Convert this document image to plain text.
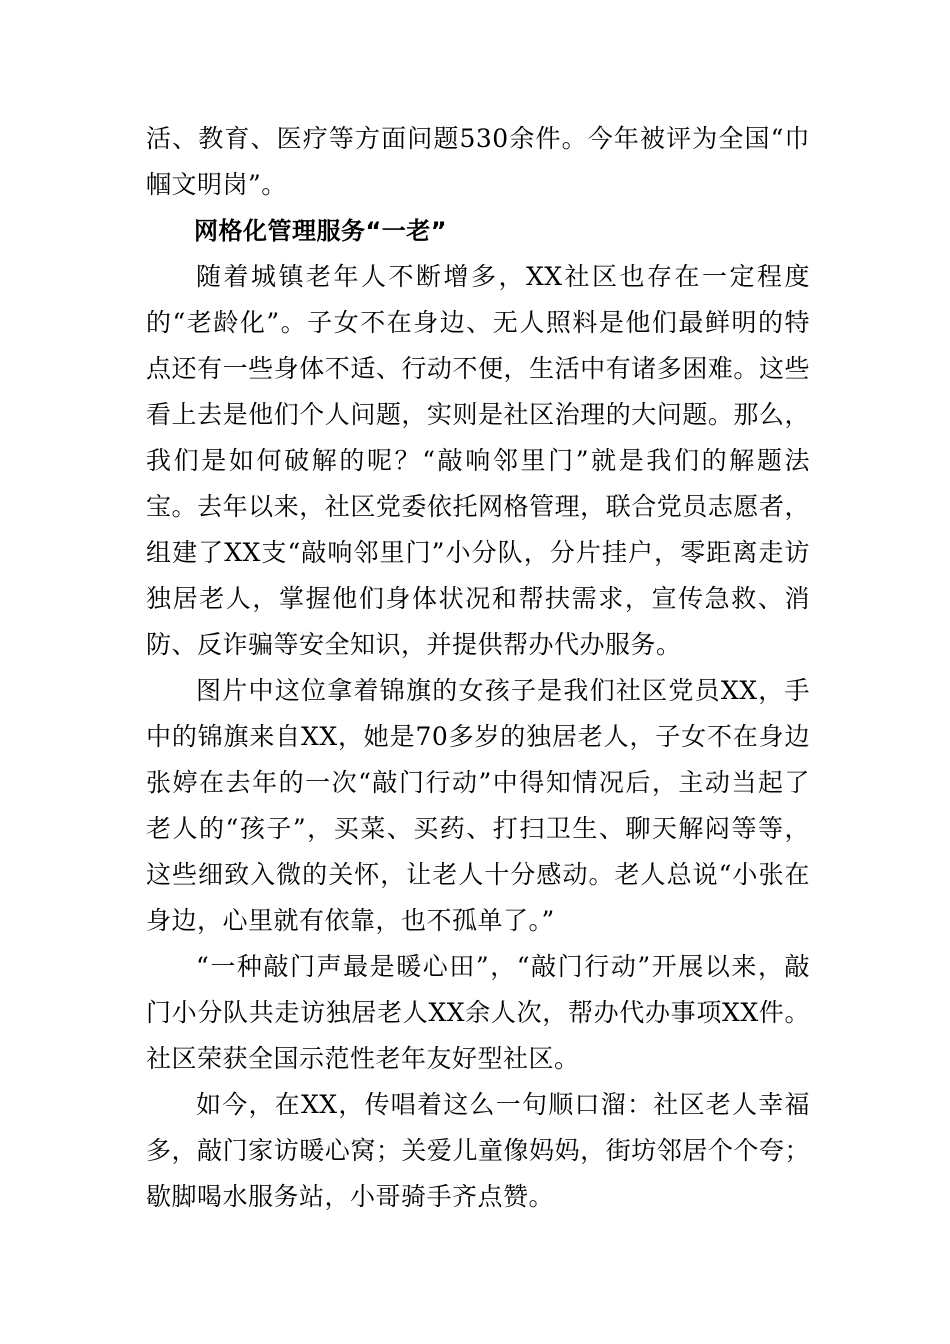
活、教育、医疗等方面问题530余件。今年被评为全国“巾帼文明岗”。

网格化管理服务“一老”

随着城镇老年人不断增多，XX社区也存在一定程度的“老龄化”。子女不在身边、无人照料是他们最鲜明的特点还有一些身体不适、行动不便，生活中有诸多困难。这些看上去是他们个人问题，实则是社区治理的大问题。那么，我们是如何破解的呢？“敲响邻里门”就是我们的解题法宝。去年以来，社区党委依托网格管理，联合党员志愿者，组建了XX支“敲响邻里门”小分队，分片挂户，零距离走访独居老人，掌握他们身体状况和帮扶需求，宣传急救、消防、反诈骗等安全知识，并提供帮办代办服务。

图片中这位拿着锦旗的女孩子是我们社区党员XX，手中的锦旗来自XX，她是70多岁的独居老人，子女不在身边张婷在去年的一次“敲门行动”中得知情况后，主动当起了老人的“孩子”，买菜、买药、打扫卫生、聊天解闷等等，这些细致入微的关怀，让老人十分感动。老人总说“小张在身边，心里就有依靠，也不孤单了。”

“一种敲门声最是暖心田”，“敲门行动”开展以来，敲门小分队共走访独居老人XX余人次，帮办代办事项XX件。社区荣获全国示范性老年友好型社区。

如今，在XX，传唱着这么一句顺口溜：社区老人幸福多，敲门家访暖心窝；关爱儿童像妈妈，街坊邻居个个夸；歇脚喝水服务站，小哥骑手齐点赞。
